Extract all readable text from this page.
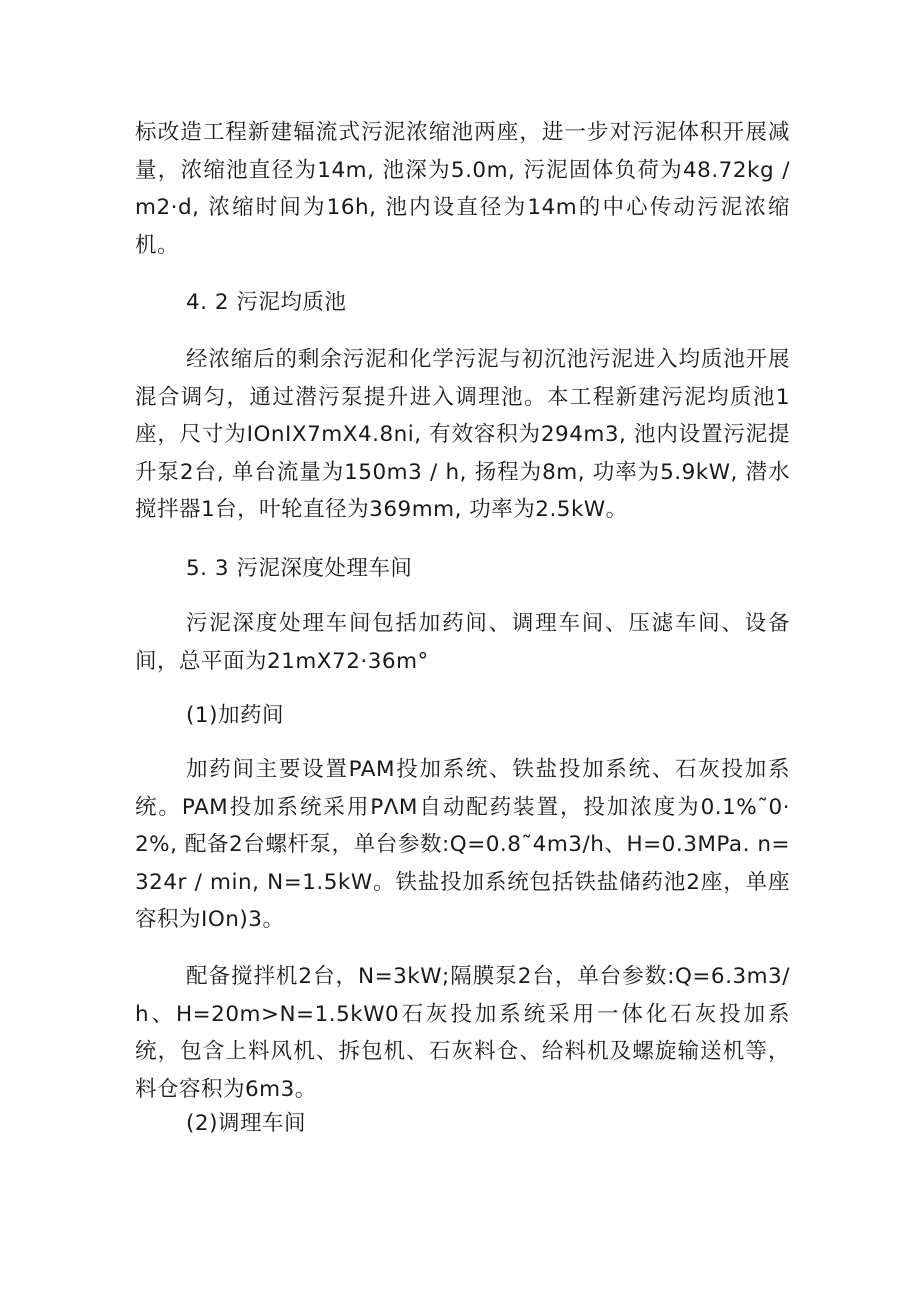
标改造工程新建辐流式污泥浓缩池两座，进一步对污泥体积开展减量，浓缩池直径为14m, 池深为5.0m, 污泥固体负荷为48.72kg / m2·d, 浓缩时间为16h, 池内设直径为14m的中心传动污泥浓缩机。

4. 2 污泥均质池

经浓缩后的剩余污泥和化学污泥与初沉池污泥进入均质池开展混合调匀，通过潜污泵提升进入调理池。本工程新建污泥均质池1座，尺寸为IOnIX7mX4.8ni, 有效容积为294m3, 池内设置污泥提升泵2台, 单台流量为150m3 / h, 扬程为8m, 功率为5.9kW, 潜水搅拌器1台，叶轮直径为369mm, 功率为2.5kW。

5. 3 污泥深度处理车间

污泥深度处理车间包括加药间、调理车间、压滤车间、设备间，总平面为21mX72·36m°

(1)加药间

加药间主要设置PAM投加系统、铁盐投加系统、石灰投加系统。PAM投加系统采用PΛM自动配药装置，投加浓度为0.1%˜0·2%, 配备2台螺杆泵，单台参数:Q=0.8˜4m3/h、H=0.3MPa. n=324r / min, N=1.5kW。铁盐投加系统包括铁盐储药池2座，单座容积为IOn)3。

配备搅拌机2台，N=3kW;隔膜泵2台，单台参数:Q=6.3m3/h、H=20m>N=1.5kW0石灰投加系统采用一体化石灰投加系统，包含上料风机、拆包机、石灰料仓、给料机及螺旋输送机等，料仓容积为6m3。

(2)调理车间
